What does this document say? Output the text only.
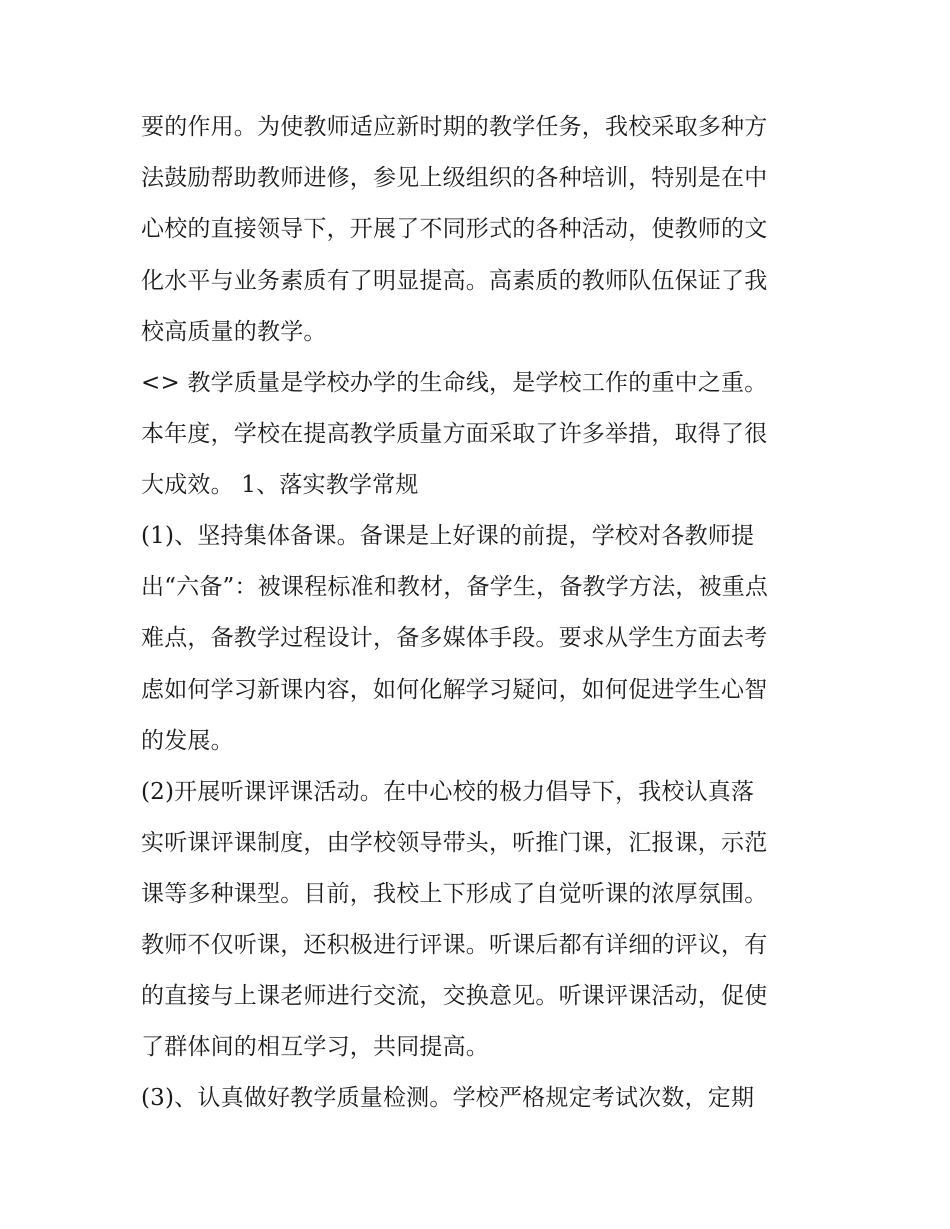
要的作用。为使教师适应新时期的教学任务，我校采取多种方
法鼓励帮助教师进修，参见上级组织的各种培训，特别是在中
心校的直接领导下，开展了不同形式的各种活动，使教师的文
化水平与业务素质有了明显提高。高素质的教师队伍保证了我
校高质量的教学。
<> 教学质量是学校办学的生命线，是学校工作的重中之重。
本年度，学校在提高教学质量方面采取了许多举措，取得了很
大成效。 1、落实教学常规
(1)、坚持集体备课。备课是上好课的前提，学校对各教师提
出“六备”：被课程标准和教材，备学生，备教学方法，被重点
难点，备教学过程设计，备多媒体手段。要求从学生方面去考
虑如何学习新课内容，如何化解学习疑问，如何促进学生心智
的发展。
(2)开展听课评课活动。在中心校的极力倡导下，我校认真落
实听课评课制度，由学校领导带头，听推门课，汇报课，示范
课等多种课型。目前，我校上下形成了自觉听课的浓厚氛围。
教师不仅听课，还积极进行评课。听课后都有详细的评议，有
的直接与上课老师进行交流，交换意见。听课评课活动，促使
了群体间的相互学习，共同提高。
(3)、认真做好教学质量检测。学校严格规定考试次数，定期
